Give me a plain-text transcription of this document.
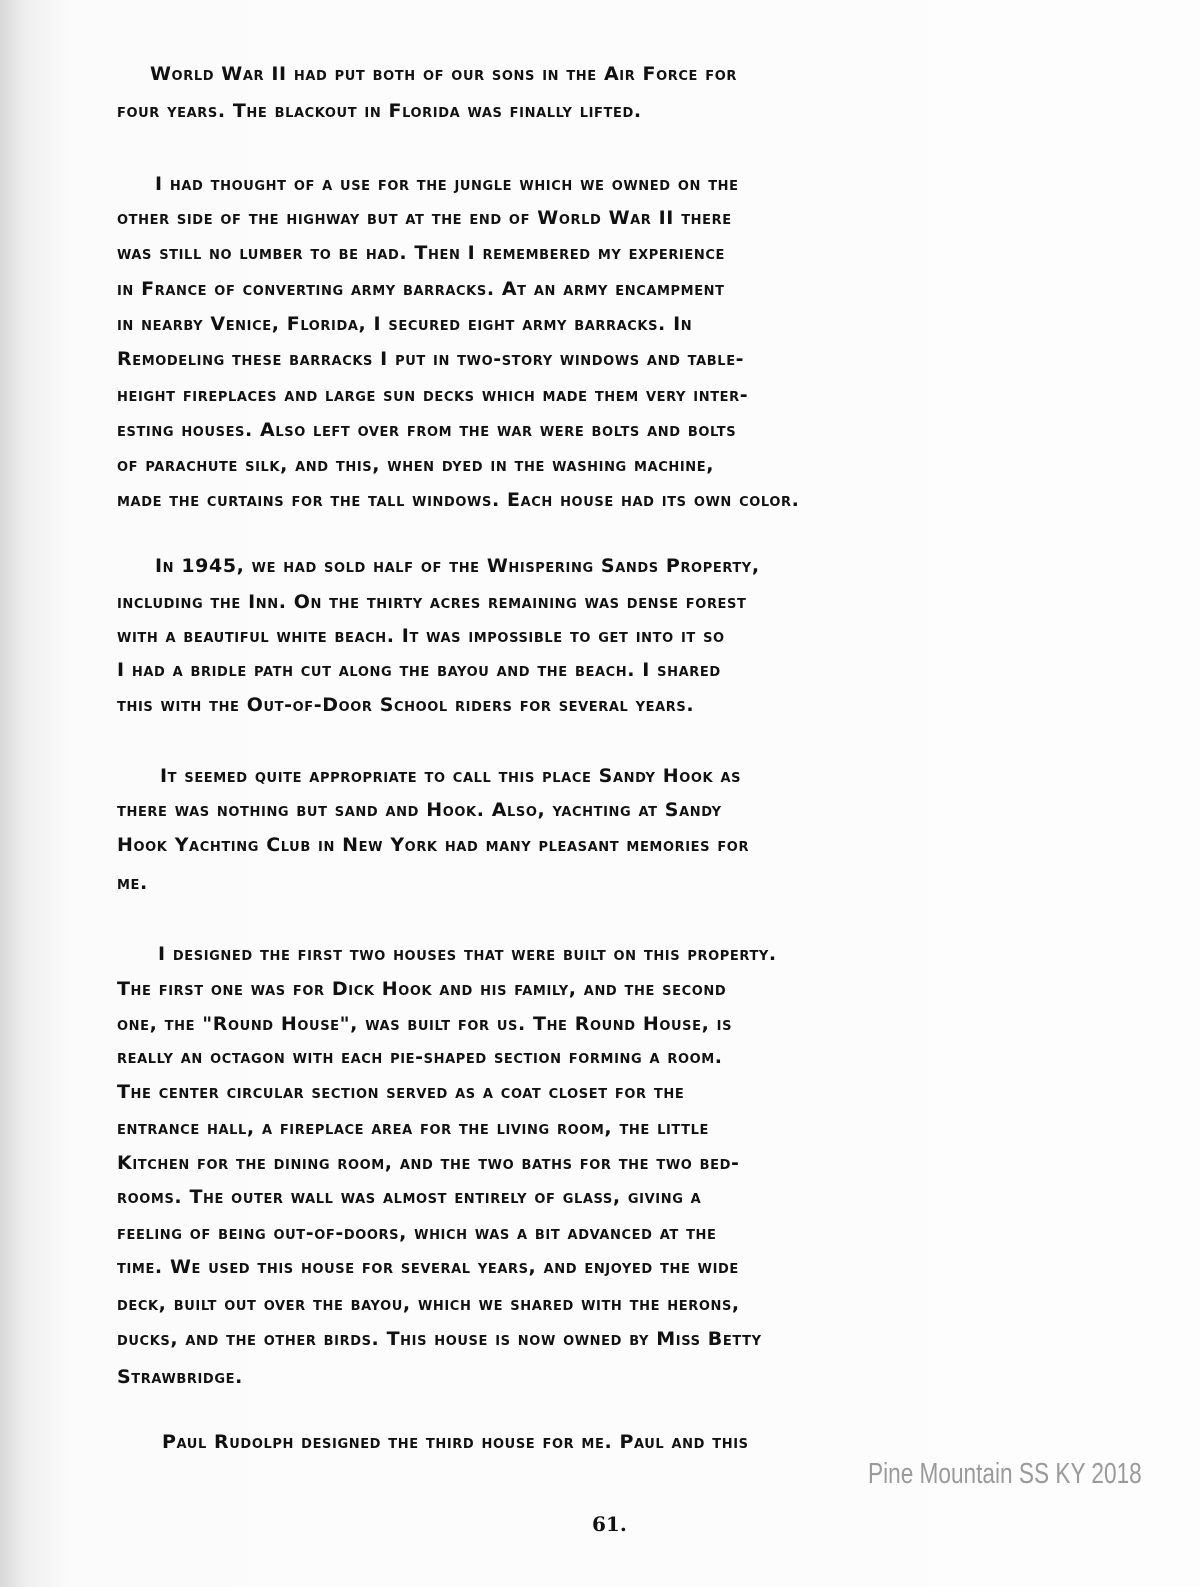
World War II had put both of our sons in the Air Force for
four years. The blackout in Florida was finally lifted.
I had thought of a use for the jungle which we owned on the
other side of the highway but at the end of World War II there
was still no lumber to be had. Then I remembered my experience
in France of converting army barracks. At an army encampment
in nearby Venice, Florida, I secured eight army barracks. In
Remodeling these barracks I put in two-story windows and table-
height fireplaces and large sun decks which made them very inter-
esting houses. Also left over from the war were bolts and bolts
of parachute silk, and this, when dyed in the washing machine,
made the curtains for the tall windows. Each house had its own color.
In 1945, we had sold half of the Whispering Sands Property,
including the Inn. On the thirty acres remaining was dense forest
with a beautiful white beach. It was impossible to get into it so
I had a bridle path cut along the bayou and the beach. I shared
this with the Out-of-Door School riders for several years.
It seemed quite appropriate to call this place Sandy Hook as
there was nothing but sand and Hook. Also, yachting at Sandy
Hook Yachting Club in New York had many pleasant memories for
me.
I designed the first two houses that were built on this property.
The first one was for Dick Hook and his family, and the second
one, the "Round House", was built for us. The Round House, is
really an octagon with each pie-shaped section forming a room.
The center circular section served as a coat closet for the
entrance hall, a fireplace area for the living room, the little
Kitchen for the dining room, and the two baths for the two bed-
rooms. The outer wall was almost entirely of glass, giving a
feeling of being out-of-doors, which was a bit advanced at the
time. We used this house for several years, and enjoyed the wide
deck, built out over the bayou, which we shared with the herons,
ducks, and the other birds. This house is now owned by Miss Betty
Strawbridge.
Paul Rudolph designed the third house for me. Paul and this
Pine Mountain SS KY 2018
61.
